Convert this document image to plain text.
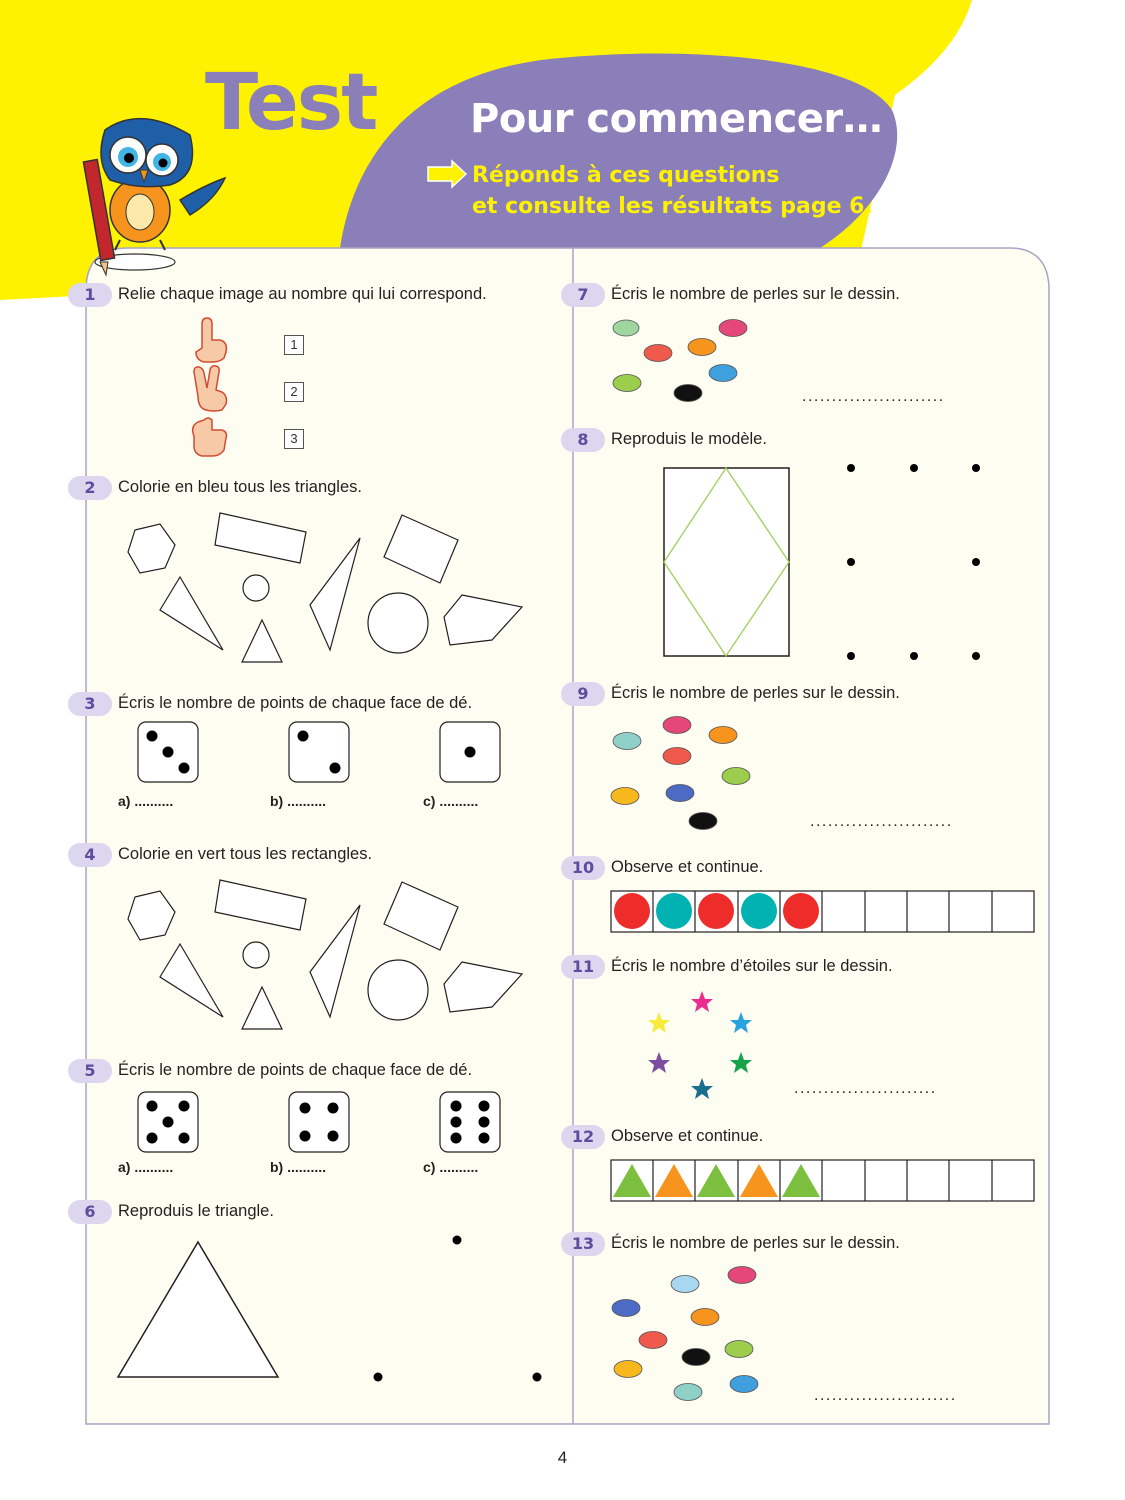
Test Pour commencer…
Réponds à ces questions
et consulte les résultats page 6.
1	Relie chaque image au nombre qui lui correspond.
1
2
3
2	Colorie en bleu tous les triangles.
3	Écris le nombre de points de chaque face de dé.
a) ..........	b) ..........	c) ..........
4	Colorie en vert tous les rectangles.
5	Écris le nombre de points de chaque face de dé.
a) ..........	b) ..........	c) ..........
6	Reproduis le triangle.
7	Écris le nombre de perles sur le dessin.
........................
8	Reproduis le modèle.
9	Écris le nombre de perles sur le dessin.
........................
10	Observe et continue.
11	Écris le nombre d’étoiles sur le dessin.
........................
12	Observe et continue.
13	Écris le nombre de perles sur le dessin.
........................
4
